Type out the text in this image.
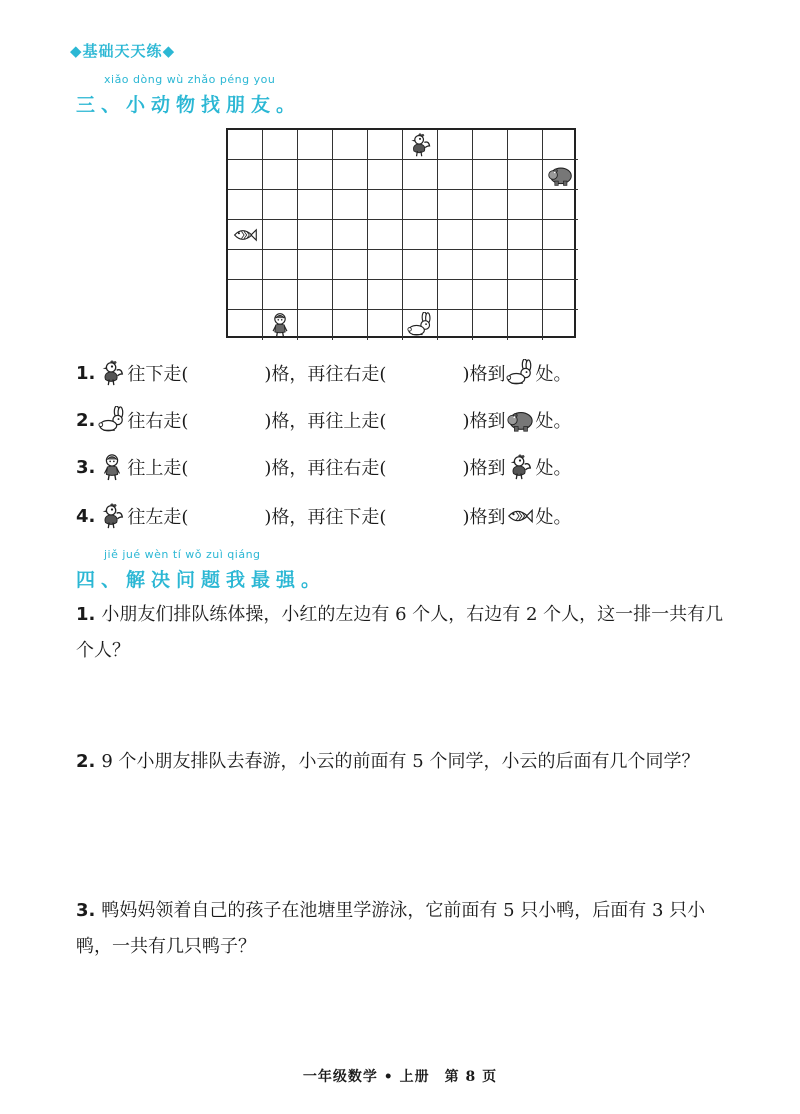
◆基础天天练◆
xiǎo dòng wù zhǎo péng you
三、小动物找朋友。
1. 往下走(	)格，再往右走(	)格到 处。
2. 往右走(	)格，再往上走(	)格到 处。
3. 往上走(	)格，再往右走(	)格到 处。
4. 往左走(	)格，再往下走(	)格到 处。
jiě jué wèn tí wǒ zuì qiáng
四、解决问题我最强。
1. 小朋友们排队练体操，小红的左边有 6 个人，右边有 2 个人，这一排一共有几个人？
2. 9 个小朋友排队去春游，小云的前面有 5 个同学，小云的后面有几个同学？
3. 鸭妈妈领着自己的孩子在池塘里学游泳，它前面有 5 只小鸭，后面有 3 只小鸭，一共有几只鸭子？
一年级数学 • 上册　第 8 页
